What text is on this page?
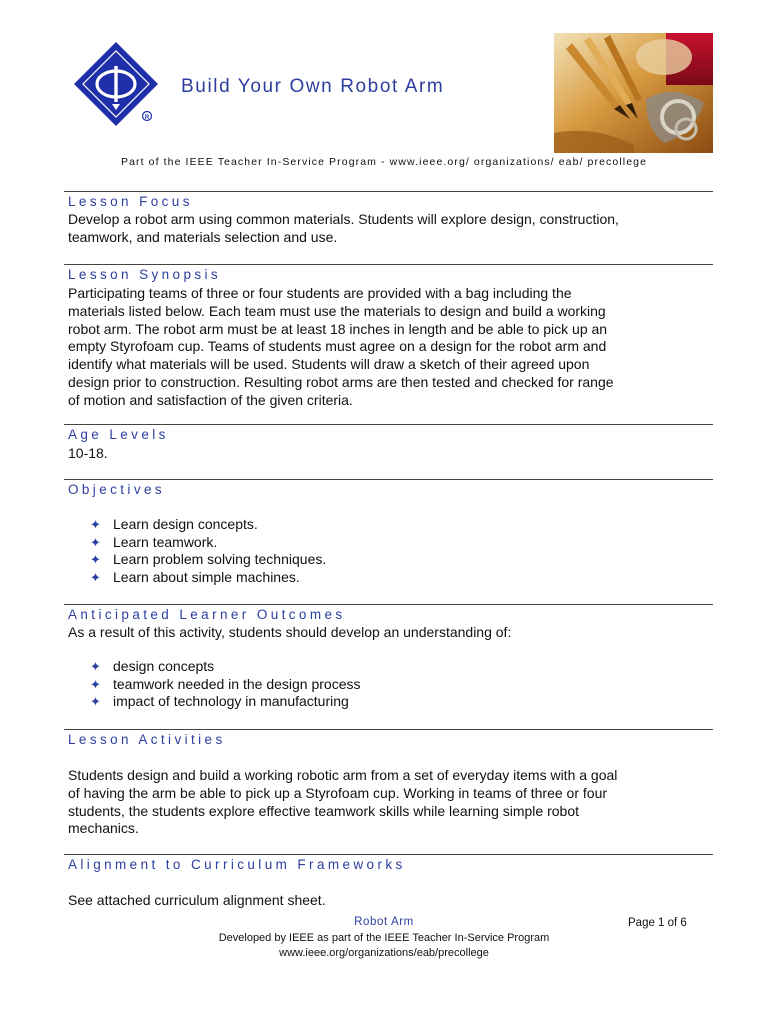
R
Build Your Own Robot Arm
Part of the IEEE Teacher In-Service Program - www.ieee.org/ organizations/ eab/ precollege
Lesson Focus
Develop a robot arm using common materials. Students will explore design, construction,
teamwork, and materials selection and use.
Lesson Synopsis
Participating teams of three or four students are provided with a bag including the
materials listed below. Each team must use the materials to design and build a working
robot arm. The robot arm must be at least 18 inches in length and be able to pick up an
empty Styrofoam cup. Teams of students must agree on a design for the robot arm and
identify what materials will be used. Students will draw a sketch of their agreed upon
design prior to construction. Resulting robot arms are then tested and checked for range
of motion and satisfaction of the given criteria.
Age Levels
10-18.
Objectives
✦ Learn design concepts.
✦ Learn teamwork.
✦ Learn problem solving techniques.
✦ Learn about simple machines.
Anticipated Learner Outcomes
As a result of this activity, students should develop an understanding of:
✦ design concepts
✦ teamwork needed in the design process
✦ impact of technology in manufacturing
Lesson Activities
Students design and build a working robotic arm from a set of everyday items with a goal
of having the arm be able to pick up a Styrofoam cup. Working in teams of three or four
students, the students explore effective teamwork skills while learning simple robot
mechanics.
Alignment to Curriculum Frameworks
See attached curriculum alignment sheet.
Robot Arm	Page 1 of 6
Developed by IEEE as part of the IEEE Teacher In-Service Program
www.ieee.org/organizations/eab/precollege
